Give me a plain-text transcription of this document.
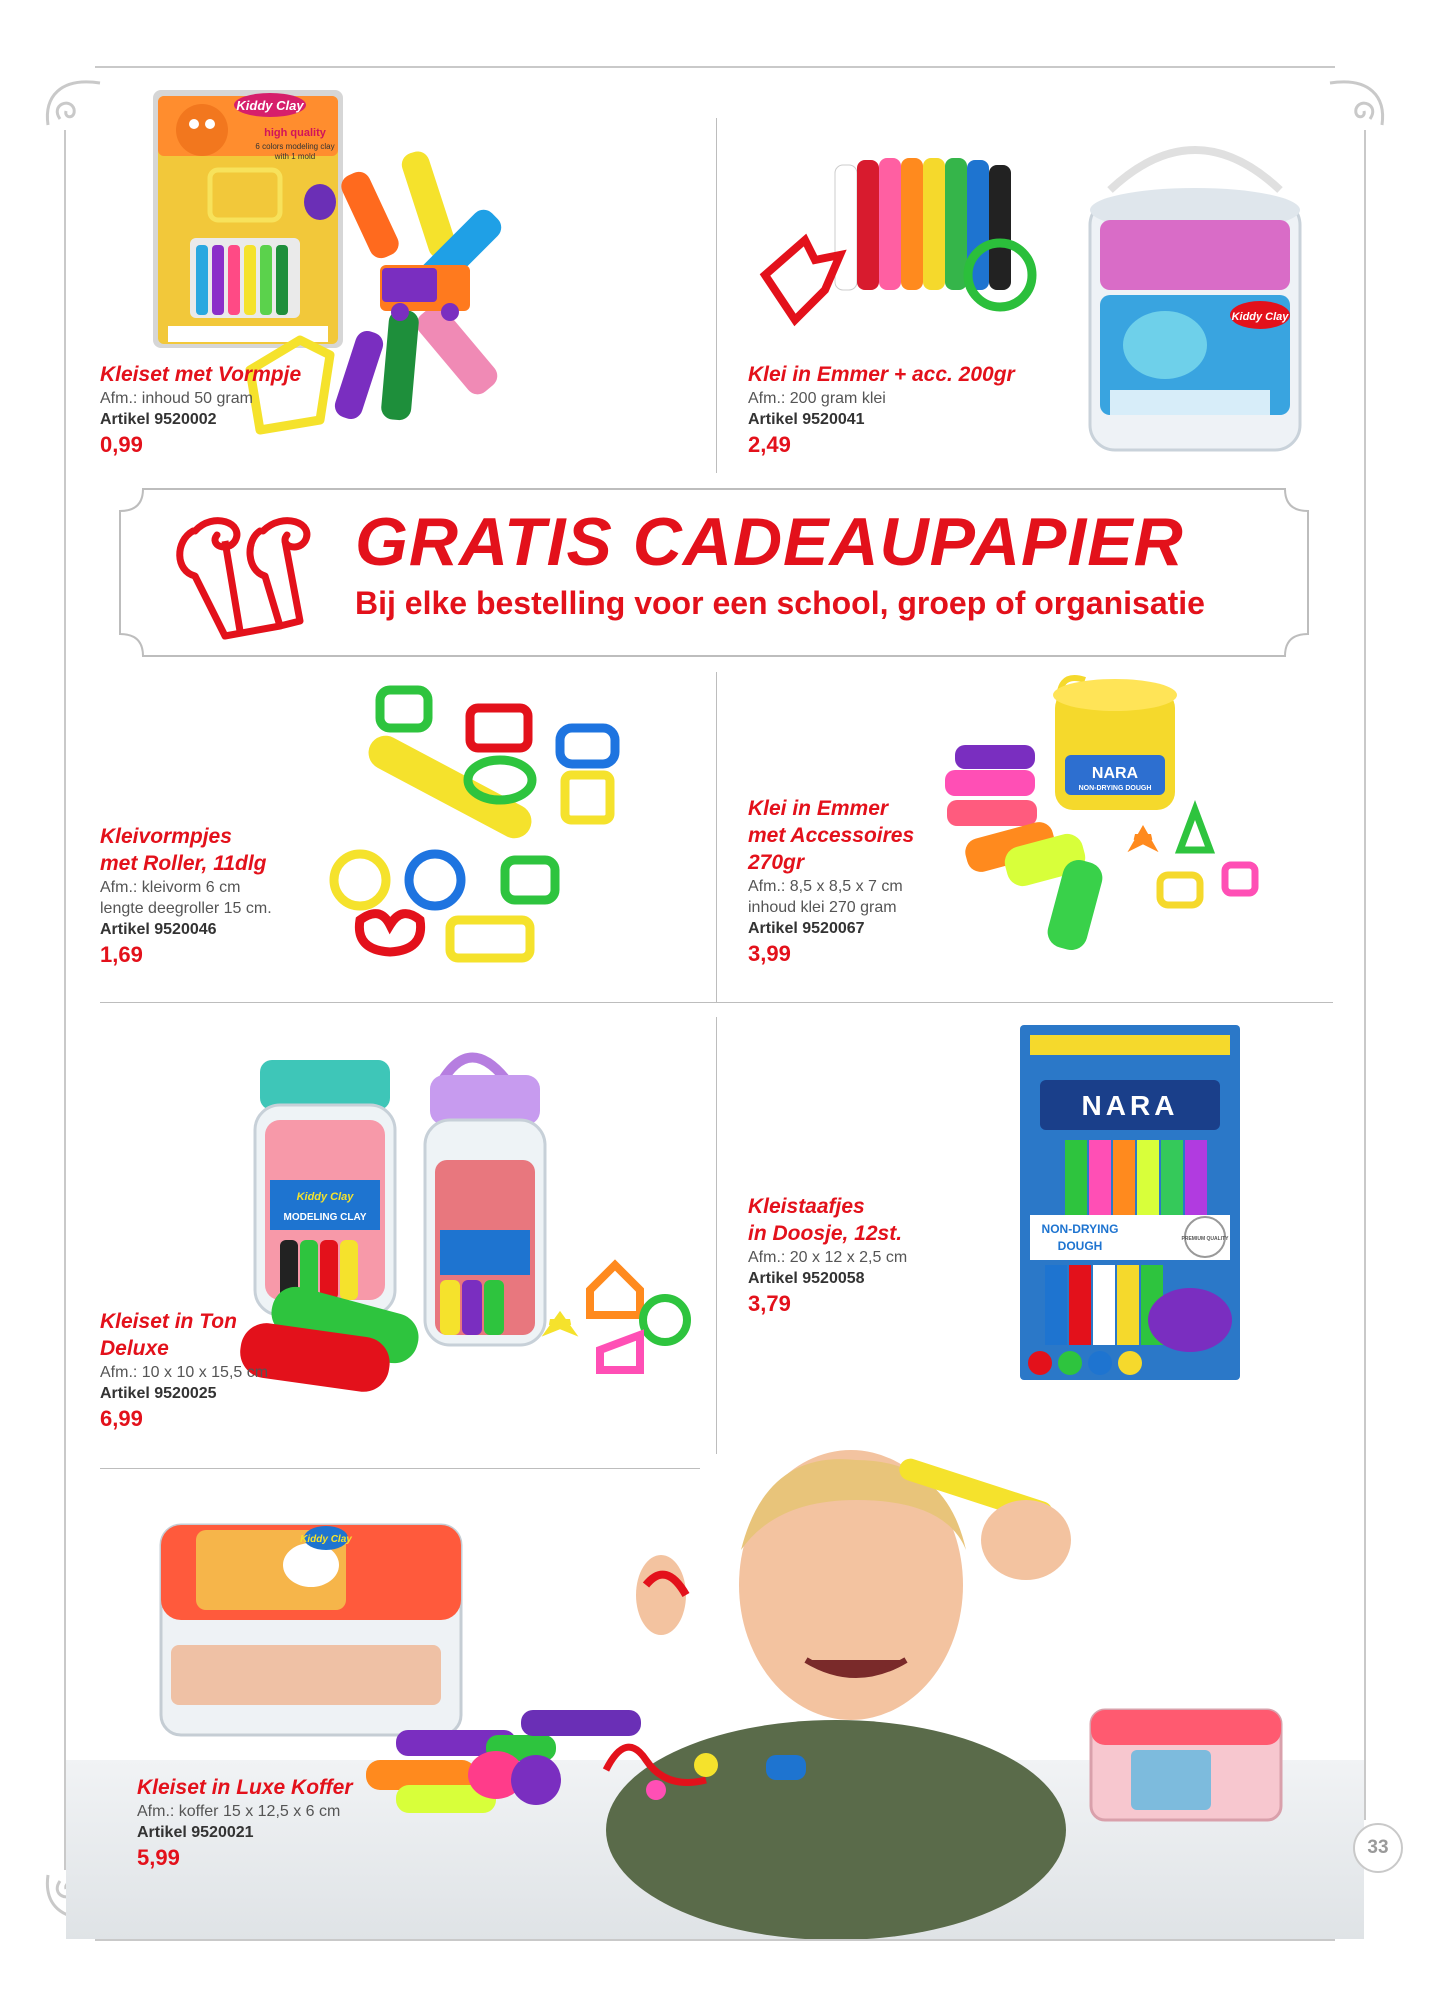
Kiddy Clay
high quality
6 colors modeling clay
with 1 mold
Kleiset met Vormpje
Afm.: inhoud 50 gram
Artikel 9520002
0,99
Kiddy Clay
Klei in Emmer + acc. 200gr
Afm.: 200 gram klei
Artikel 9520041
2,49
GRATIS CADEAUPAPIER
Bij elke bestelling voor een school, groep of organisatie
Kleivormpjes
met Roller, 11dlg
Afm.: kleivorm 6 cm
lengte deegroller 15 cm.
Artikel 9520046
1,69
NARA
NON-DRYING DOUGH
Klei in Emmer
met Accessoires
270gr
Afm.: 8,5 x 8,5 x 7 cm
inhoud klei 270 gram
Artikel 9520067
3,99
Kiddy Clay
MODELING CLAY
Kleiset in Ton
Deluxe
Afm.: 10 x 10 x 15,5 cm
Artikel 9520025
6,99
NARA
NON-DRYING
DOUGH	PREMIUM QUALITY
Kleistaafjes
in Doosje, 12st.
Afm.: 20 x 12 x 2,5 cm
Artikel 9520058
3,79
Kiddy Clay
Kleiset in Luxe Koffer
Afm.: koffer 15 x 12,5 x 6 cm
Artikel 9520021
5,99	33
